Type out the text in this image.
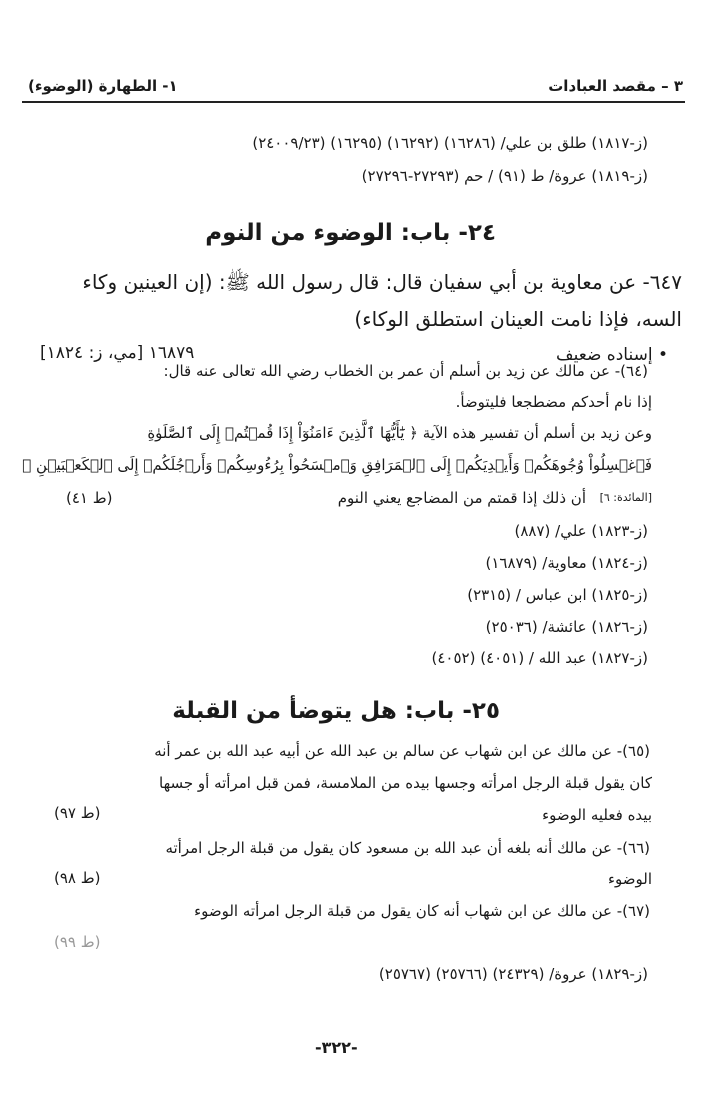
٣ – مقصد العبادات
١- الطهارة (الوضوء)
(ز-١٨١٧) طلق بن علي/ (١٦٢٨٦) (١٦٢٩٢) (١٦٢٩٥) (٢٤٠٠٩/٢٣)
(ز-١٨١٩) عروة/ ط (٩١) / حم (٢٧٢٩٣-٢٧٢٩٦)
٢٤- باب: الوضوء من النوم
٦٤٧- عن معاوية بن أبي سفيان قال: قال رسول الله ﷺ: (إن العينين وكاء
السه، فإذا نامت العينان استطلق الوكاء)
• إسناده ضعيف
١٦٨٧٩ [مي، ز: ١٨٢٤]
(٦٤)- عن مالك عن زيد بن أسلم أن عمر بن الخطاب رضي الله تعالى عنه قال:
إذا نام أحدكم مضطجعا فليتوضأ.
وعن زيد بن أسلم أن تفسير هذه الآية ﴿ يَٰٓأَيُّهَا ٱلَّذِينَ ءَامَنُوٓاْ إِذَا قُمۡتُمۡ إِلَى ٱلصَّلَوٰةِ
فَٱغۡسِلُواْ وُجُوهَكُمۡ وَأَيۡدِيَكُمۡ إِلَى ٱلۡمَرَافِقِ وَٱمۡسَحُواْ بِرُءُوسِكُمۡ وَأَرۡجُلَكُمۡ إِلَى ٱلۡكَعۡبَيۡنِ ﴾
[المائدة: ٦]
أن ذلك إذا قمتم من المضاجع يعني النوم
(ط ٤١)
(ز-١٨٢٣) علي/ (٨٨٧)
(ز-١٨٢٤) معاوية/ (١٦٨٧٩)
(ز-١٨٢٥) ابن عباس / (٢٣١٥)
(ز-١٨٢٦) عائشة/ (٢٥٠٣٦)
(ز-١٨٢٧) عبد الله / (٤٠٥١) (٤٠٥٢)
٢٥- باب: هل يتوضأ من القبلة
(٦٥)- عن مالك عن ابن شهاب عن سالم بن عبد الله عن أبيه عبد الله بن عمر أنه
كان يقول قبلة الرجل امرأته وجسها بيده من الملامسة، فمن قبل امرأته أو جسها
بيده فعليه الوضوء
(ط ٩٧)
(٦٦)- عن مالك أنه بلغه أن عبد الله بن مسعود كان يقول من قبلة الرجل امرأته
الوضوء
(ط ٩٨)
(٦٧)- عن مالك عن ابن شهاب أنه كان يقول من قبلة الرجل امرأته الوضوء
(ط ٩٩)
(ز-١٨٢٩) عروة/ (٢٤٣٢٩) (٢٥٧٦٦) (٢٥٧٦٧)
-٣٢٢-
